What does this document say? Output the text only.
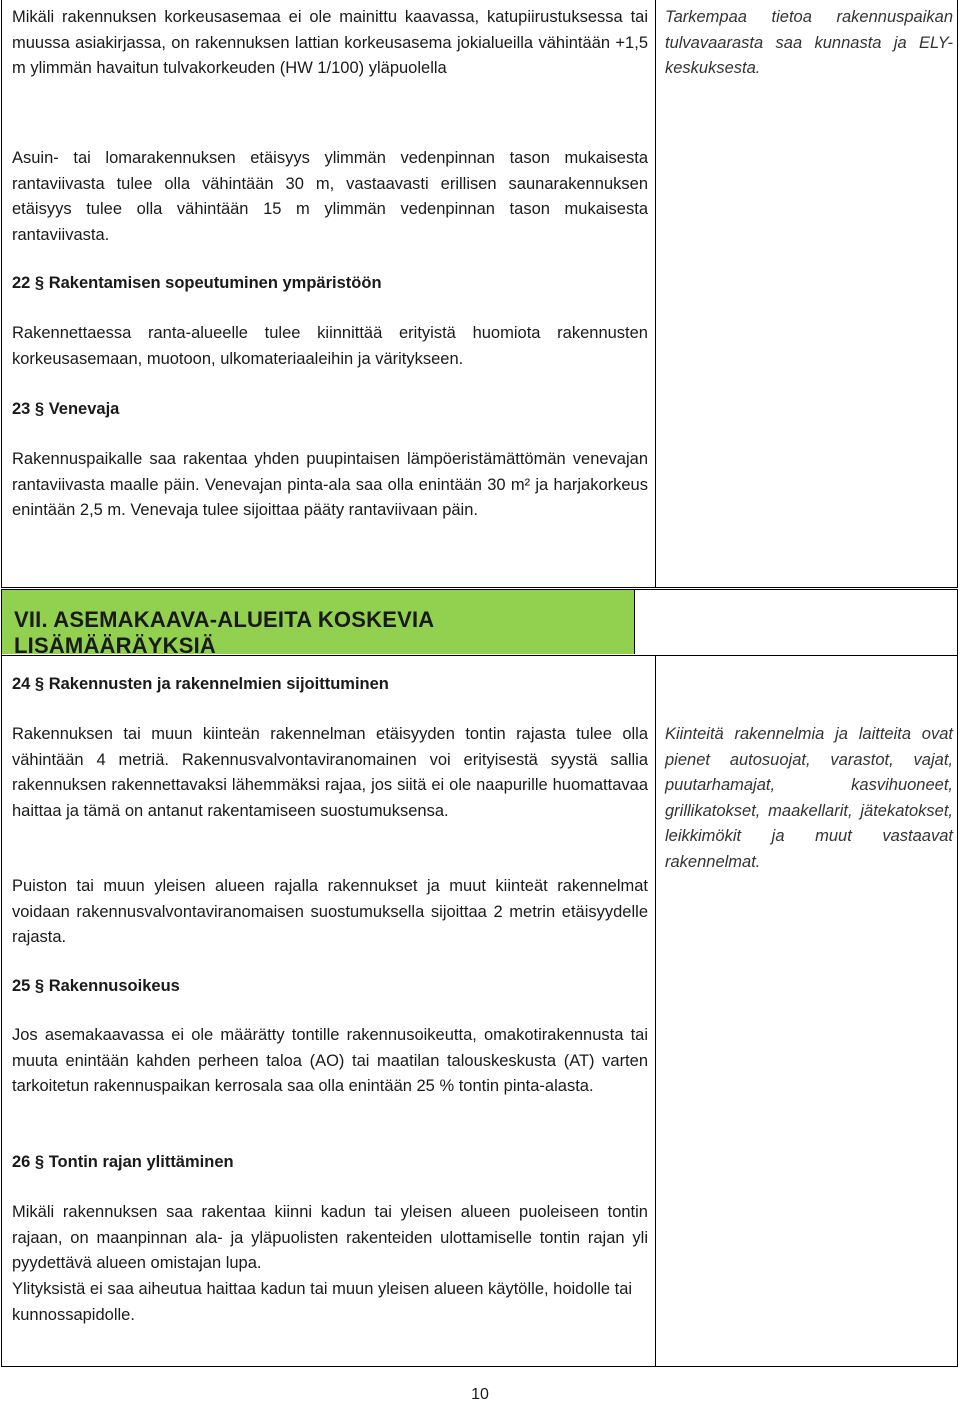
Mikäli rakennuksen korkeusasemaa ei ole mainittu kaavassa, katupiirustuksessa tai muussa asiakirjassa, on rakennuksen lattian korkeusasema jokialueilla vähintään +1,5 m ylimmän havaitun tulvakorkeuden (HW 1/100) yläpuolella

Tarkempaa tietoa rakennuspaikan tulvavaarasta saa kunnasta ja ELY-keskuksesta.

Asuin- tai lomarakennuksen etäisyys ylimmän vedenpinnan tason mukaisesta rantaviivasta tulee olla vähintään 30 m, vastaavasti erillisen saunarakennuksen etäisyys tulee olla vähintään 15 m ylimmän vedenpinnan tason mukaisesta rantaviivasta.

22 § Rakentamisen sopeutuminen ympäristöön

Rakennettaessa ranta-alueelle tulee kiinnittää erityistä huomiota rakennusten korkeusasemaan, muotoon, ulkomateriaaleihin ja väritykseen.

23 § Venevaja

Rakennuspaikalle saa rakentaa yhden puupintaisen lämpöeristämättömän venevajan rantaviivasta maalle päin. Venevajan pinta-ala saa olla enintään 30 m² ja harjakorkeus enintään 2,5 m. Venevaja tulee sijoittaa pääty rantaviivaan päin.

VII. ASEMAKAAVA-ALUEITA KOSKEVIA LISÄMÄÄRÄYKSIÄ
24 § Rakennusten ja rakennelmien sijoittuminen

Rakennuksen tai muun kiinteän rakennelman etäisyyden tontin rajasta tulee olla vähintään 4 metriä. Rakennusvalvontaviranomainen voi erityisestä syystä sallia rakennuksen rakennettavaksi lähemmäksi rajaa, jos siitä ei ole naapurille huomattavaa haittaa ja tämä on antanut rakentamiseen suostumuksensa.

Kiinteitä rakennelmia ja laitteita ovat pienet autosuojat, varastot, vajat, puutarhamajat, kasvihuoneet, grillikatokset, maakellarit, jätekatokset, leikkimökit ja muut vastaavat rakennelmat.

Puiston tai muun yleisen alueen rajalla rakennukset ja muut kiinteät rakennelmat voidaan rakennusvalvontaviranomaisen suostumuksella sijoittaa 2 metrin etäisyydelle rajasta.

25 § Rakennusoikeus

Jos asemakaavassa ei ole määrätty tontille rakennusoikeutta, omakotirakennusta tai muuta enintään kahden perheen taloa (AO) tai maatilan talouskeskusta (AT) varten tarkoitetun rakennuspaikan kerrosala saa olla enintään 25 % tontin pinta-alasta.

26 § Tontin rajan ylittäminen

Mikäli rakennuksen saa rakentaa kiinni kadun tai yleisen alueen puoleiseen tontin rajaan, on maanpinnan ala- ja yläpuolisten rakenteiden ulottamiselle tontin rajan yli pyydettävä alueen omistajan lupa.

Ylityksistä ei saa aiheutua haittaa kadun tai muun yleisen alueen käytölle, hoidolle tai kunnossapidolle.

10
